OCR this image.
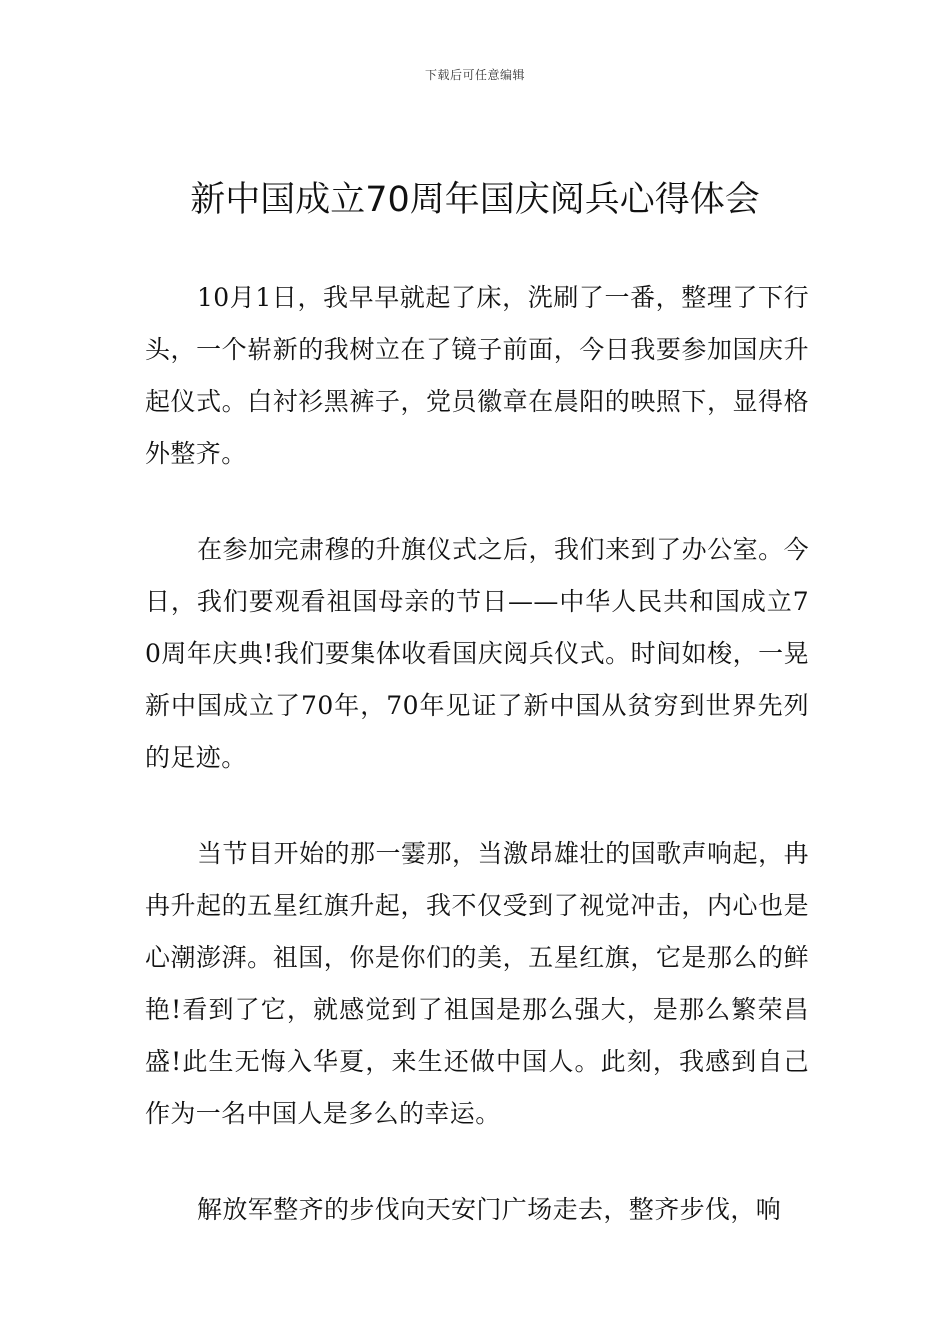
下载后可任意编辑
新中国成立70周年国庆阅兵心得体会

10月1日，我早早就起了床，洗刷了一番，整理了下行头，一个崭新的我树立在了镜子前面，今日我要参加国庆升起仪式。白衬衫黑裤子，党员徽章在晨阳的映照下，显得格外整齐。

在参加完肃穆的升旗仪式之后，我们来到了办公室。今日，我们要观看祖国母亲的节日——中华人民共和国成立70周年庆典!我们要集体收看国庆阅兵仪式。时间如梭，一晃新中国成立了70年，70年见证了新中国从贫穷到世界先列的足迹。

当节目开始的那一霎那，当激昂雄壮的国歌声响起，冉冉升起的五星红旗升起，我不仅受到了视觉冲击，内心也是心潮澎湃。祖国，你是你们的美，五星红旗，它是那么的鲜艳!看到了它，就感觉到了祖国是那么强大，是那么繁荣昌盛!此生无悔入华夏，来生还做中国人。此刻，我感到自己作为一名中国人是多么的幸运。

解放军整齐的步伐向天安门广场走去，整齐步伐，响
